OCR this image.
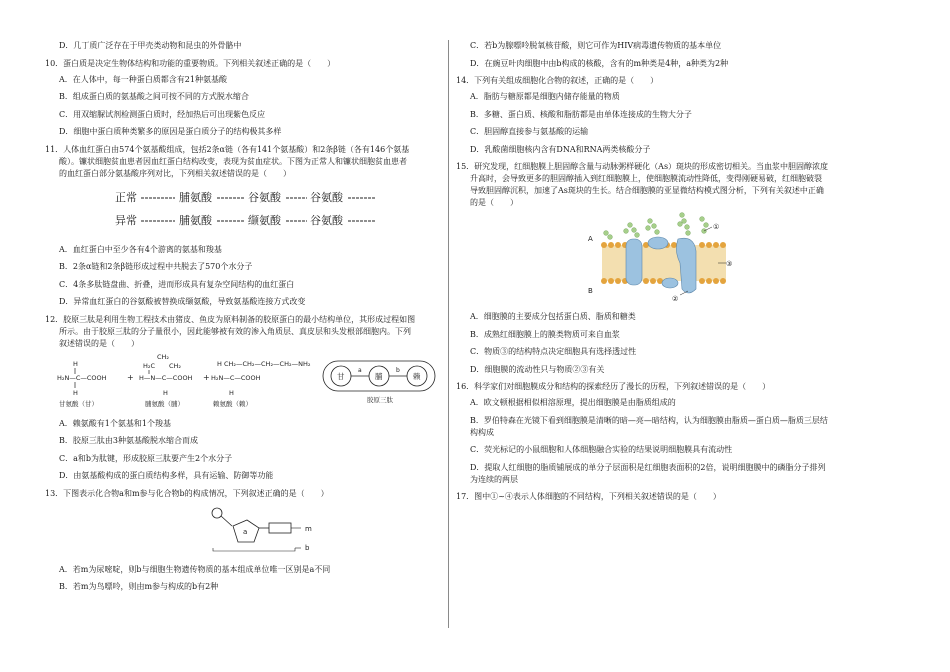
D．几丁质广泛存在于甲壳类动物和昆虫的外骨骼中
10．蛋白质是决定生物体结构和功能的重要物质。下列相关叙述正确的是（　　）
A．在人体中，每一种蛋白质都含有21种氨基酸
B．组成蛋白质的氨基酸之间可按不同的方式脱水缩合
C．用双缩脲试剂检测蛋白质时，经加热后可出现紫色反应
D．细胞中蛋白质种类繁多的原因是蛋白质分子的结构极其多样
11．人体血红蛋白由574个氨基酸组成，包括2条α链（各有141个氨基酸）和2条β链（各有146个氨基
酸）。镰状细胞贫血患者因血红蛋白结构改变，表现为贫血症状。下图为正常人和镰状细胞贫血患者
的血红蛋白部分氨基酸序列对比，下列相关叙述错误的是（　　）
正常	脯氨酸	谷氨酸	谷氨酸
异常	脯氨酸	缬氨酸	谷氨酸
A．血红蛋白中至少各有4个游离的氨基和羧基
B．2条α链和2条β链形成过程中共脱去了570个水分子
C．4条多肽链盘曲、折叠，进而形成具有复杂空间结构的血红蛋白
D．异常血红蛋白的谷氨酸被替换成缬氨酸，导致氨基酸连接方式改变
12．胶原三肽是利用生物工程技术由猪皮、鱼皮为原料制备的胶原蛋白的最小结构单位，其形成过程如图
所示。由于胶原三肽的分子量很小，因此能够被有效的渗入角质层、真皮层和头发根部细胞内。下列
叙述错误的是（　　）
H
H₂N—C—COOH
H
甘氨酸（甘）
+
CH₂
H₂C CH₂
H—N—C—COOH
H
脯氨酸（脯）
+
H CH₂—CH₂—CH₂—CH₂—NH₂
H₂N—C—COOH
H
赖氨酸（赖）
甘	脯	赖
a	b
胶原三肽
A．赖氨酸有1个氨基和1个羧基
B．胶原三肽由3种氨基酸脱水缩合而成
C．a和b为肽键，形成胶原三肽要产生2个水分子
D．由氨基酸构成的蛋白质结构多样，具有运输、防御等功能
13．下图表示化合物a和m参与化合物b的构成情况，下列叙述正确的是（　　）
a	m
b
A．若m为尿嘧啶，则b与细胞生物遗传物质的基本组成单位唯一区别是a不同
B．若m为鸟嘌呤，则由m参与构成的b有2种
C．若b为腺嘌呤脱氧核苷酸，则它可作为HIV病毒遗传物质的基本单位
D．在豌豆叶肉细胞中由b构成的核酸，含有的m种类是4种，a种类为2种
14．下列有关组成细胞化合物的叙述，正确的是（　　）
A．脂肪与糖原都是细胞内储存能量的物质
B．多糖、蛋白质、核酸和脂肪都是由单体连接成的生物大分子
C．胆固醇直接参与氨基酸的运输
D．乳酸菌细胞核内含有DNA和RNA两类核酸分子
15．研究发现，红细胞膜上胆固醇含量与动脉粥样硬化（As）斑块的形成密切相关。当血浆中胆固醇浓度
升高时，会导致更多的胆固醇插入到红细胞膜上，使细胞膜流动性降低，变得刚硬易破，红细胞破裂
导致胆固醇沉积，加速了As斑块的生长。结合细胞膜的亚显微结构模式图分析，下列有关叙述中正确
的是（　　）
A
B
①
③
②
A．细胞膜的主要成分包括蛋白质、脂质和糖类
B．成熟红细胞膜上的膜类物质可来自血浆
C．物质③的结构特点决定细胞具有选择透过性
D．细胞膜的流动性只与物质②③有关
16．科学家们对细胞膜成分和结构的探索经历了漫长的历程，下列叙述错误的是（　　）
A．欧文顿根据相似相溶原理，提出细胞膜是由脂质组成的
B．罗伯特森在光镜下看到细胞膜是清晰的暗—亮—暗结构，认为细胞膜由脂质—蛋白质—脂质三层结
构构成
C．荧光标记的小鼠细胞和人体细胞融合实验的结果说明细胞膜具有流动性
D．提取人红细胞的脂质铺展成的单分子层面积是红细胞表面积的2倍，说明细胞膜中的磷脂分子排列
为连续的两层
17．图中①~④表示人体细胞的不同结构，下列相关叙述错误的是（　　）
